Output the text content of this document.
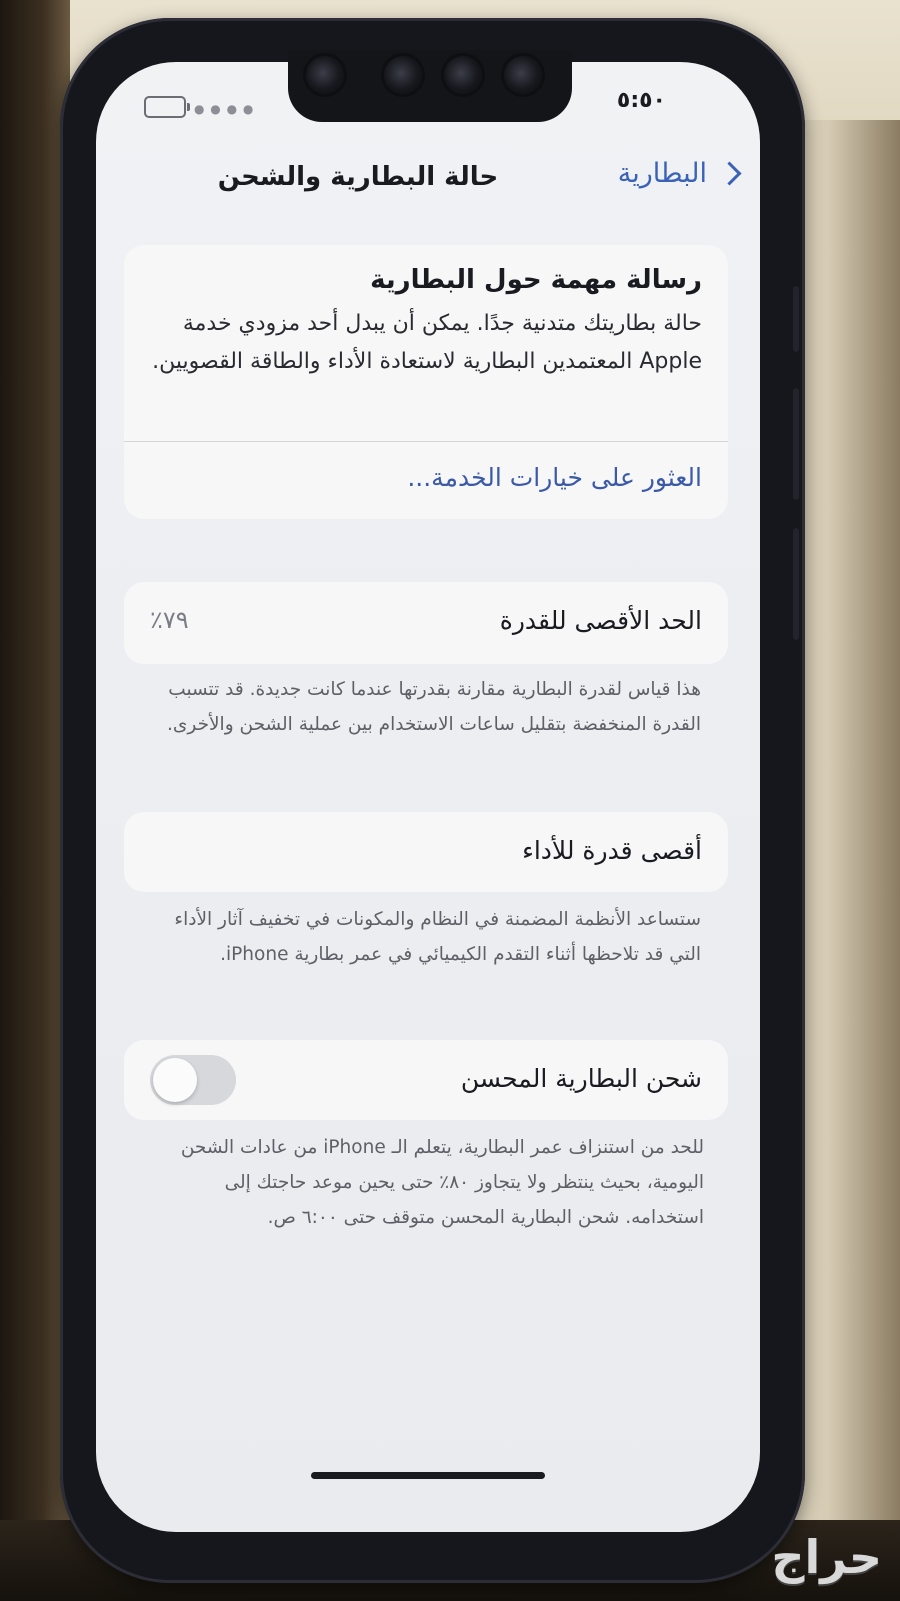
● ● ● ●	٥:٥٠
البطارية
حالة البطارية والشحن
رسالة مهمة حول البطارية
حالة بطاريتك متدنية جدًا. يمكن أن يبدل أحد مزودي خدمة Apple المعتمدين البطارية لاستعادة الأداء والطاقة القصويين.
العثور على خيارات الخدمة...
الحد الأقصى للقدرة
٧٩٪
هذا قياس لقدرة البطارية مقارنة بقدرتها عندما كانت جديدة. قد تتسبب القدرة المنخفضة بتقليل ساعات الاستخدام بين عملية الشحن والأخرى.
أقصى قدرة للأداء
ستساعد الأنظمة المضمنة في النظام والمكونات في تخفيف آثار الأداء التي قد تلاحظها أثناء التقدم الكيميائي في عمر بطارية iPhone.
شحن البطارية المحسن
للحد من استنزاف عمر البطارية، يتعلم الـ iPhone من عادات الشحن اليومية، بحيث ينتظر ولا يتجاوز ٨٠٪ حتى يحين موعد حاجتك إلى استخدامه. شحن البطارية المحسن متوقف حتى ٦:٠٠ ص.
حراج
